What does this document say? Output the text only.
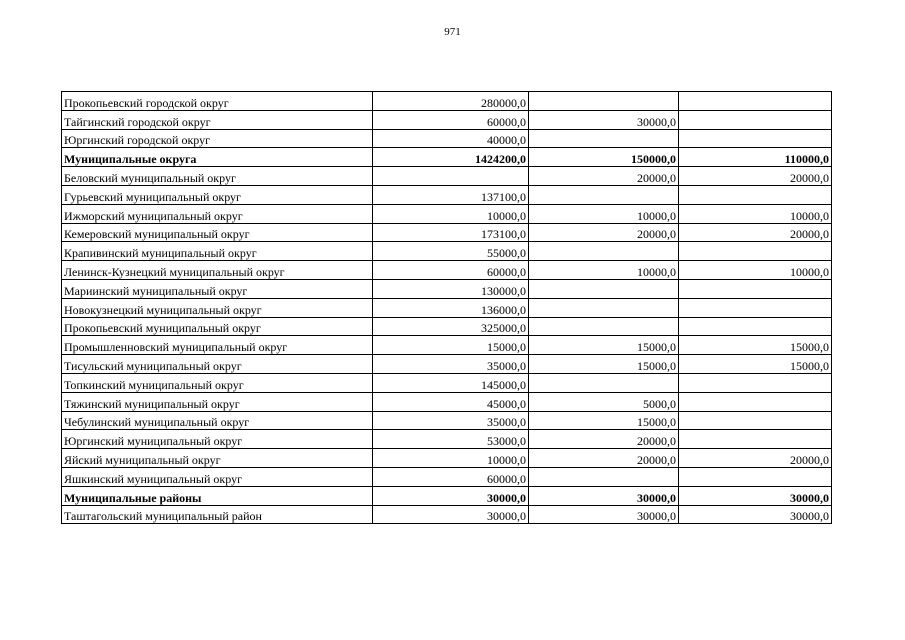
971
Прокопьевский городской округ	280000,0		
Тайгинский городской округ	60000,0	30000,0	
Юргинский городской округ	40000,0		
Муниципальные округа	1424200,0	150000,0	110000,0
Беловский муниципальный округ		20000,0	20000,0
Гурьевский муниципальный округ	137100,0		
Ижморский муниципальный округ	10000,0	10000,0	10000,0
Кемеровский муниципальный округ	173100,0	20000,0	20000,0
Крапивинский муниципальный округ	55000,0		
Ленинск-Кузнецкий муниципальный округ	60000,0	10000,0	10000,0
Мариинский муниципальный округ	130000,0		
Новокузнецкий муниципальный округ	136000,0		
Прокопьевский муниципальный округ	325000,0		
Промышленновский муниципальный округ	15000,0	15000,0	15000,0
Тисульский муниципальный округ	35000,0	15000,0	15000,0
Топкинский муниципальный округ	145000,0		
Тяжинский муниципальный округ	45000,0	5000,0	
Чебулинский муниципальный округ	35000,0	15000,0	
Юргинский муниципальный округ	53000,0	20000,0	
Яйский муниципальный округ	10000,0	20000,0	20000,0
Яшкинский муниципальный округ	60000,0		
Муниципальные районы	30000,0	30000,0	30000,0
Таштагольский муниципальный район	30000,0	30000,0	30000,0
